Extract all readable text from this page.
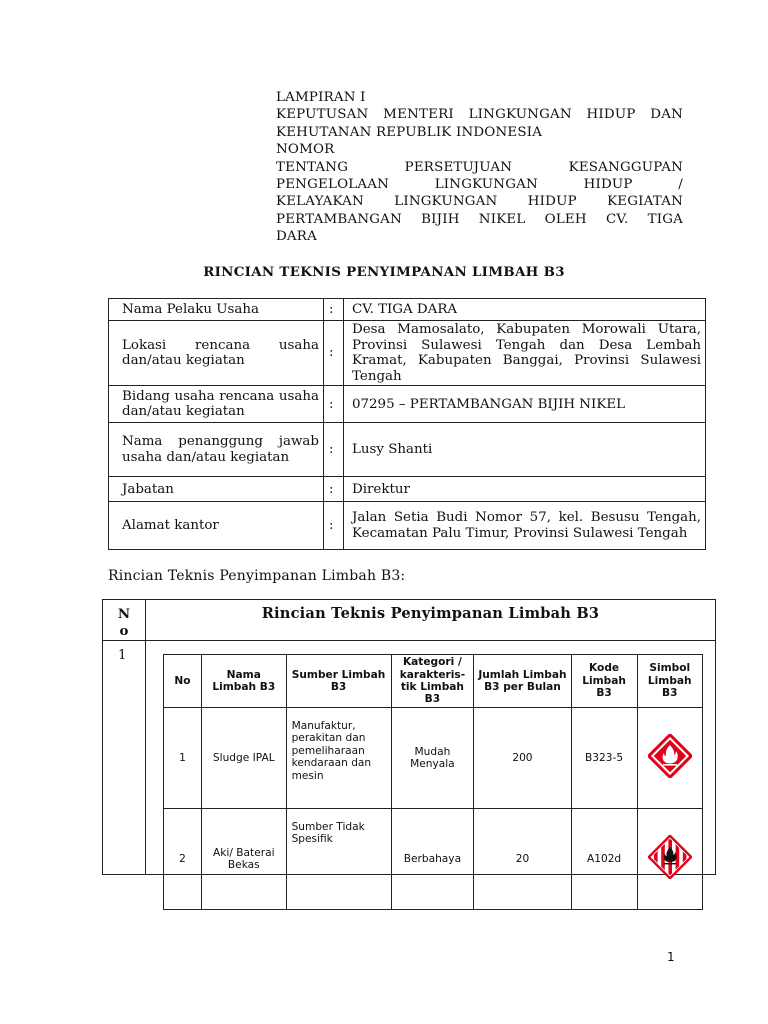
LAMPIRAN I
KEPUTUSAN MENTERI LINGKUNGAN HIDUP DAN
KEHUTANAN REPUBLIK INDONESIA
NOMOR
TENTANG PERSETUJUAN KESANGGUPAN
PENGELOLAAN LINGKUNGAN HIDUP /
KELAYAKAN LINGKUNGAN HIDUP KEGIATAN
PERTAMBANGAN BIJIH NIKEL OLEH CV. TIGA
DARA
RINCIAN TEKNIS PENYIMPANAN LIMBAH B3
Nama Pelaku Usaha	:	CV. TIGA DARA
Lokasi rencana usaha dan/atau kegiatan	:	Desa Mamosalato, Kabupaten Morowali Utara, Provinsi Sulawesi Tengah dan Desa Lembah Kramat, Kabupaten Banggai, Provinsi Sulawesi Tengah
Bidang usaha rencana usaha dan/atau kegiatan	:	07295 – PERTAMBANGAN BIJIH NIKEL
Nama penanggung jawab usaha dan/atau kegiatan	:	Lusy Shanti
Jabatan	:	Direktur
Alamat kantor	:	Jalan Setia Budi Nomor 57, kel. Besusu Tengah, Kecamatan Palu Timur, Provinsi Sulawesi Tengah
Rincian Teknis Penyimpanan Limbah B3:
N
o
Rincian Teknis Penyimpanan Limbah B3
1
No	Nama Limbah B3	Sumber Limbah B3	Kategori / karakteris-tik Limbah B3	Jumlah Limbah B3 per Bulan	Kode Limbah B3	Simbol Limbah B3
1	Sludge IPAL	Manufaktur, perakitan dan pemeliharaan kendaraan dan mesin	Mudah Menyala	200	B323-5	
2	Aki/ Baterai Bekas	Sumber Tidak Spesifik	Berbahaya	20	A102d	
1
